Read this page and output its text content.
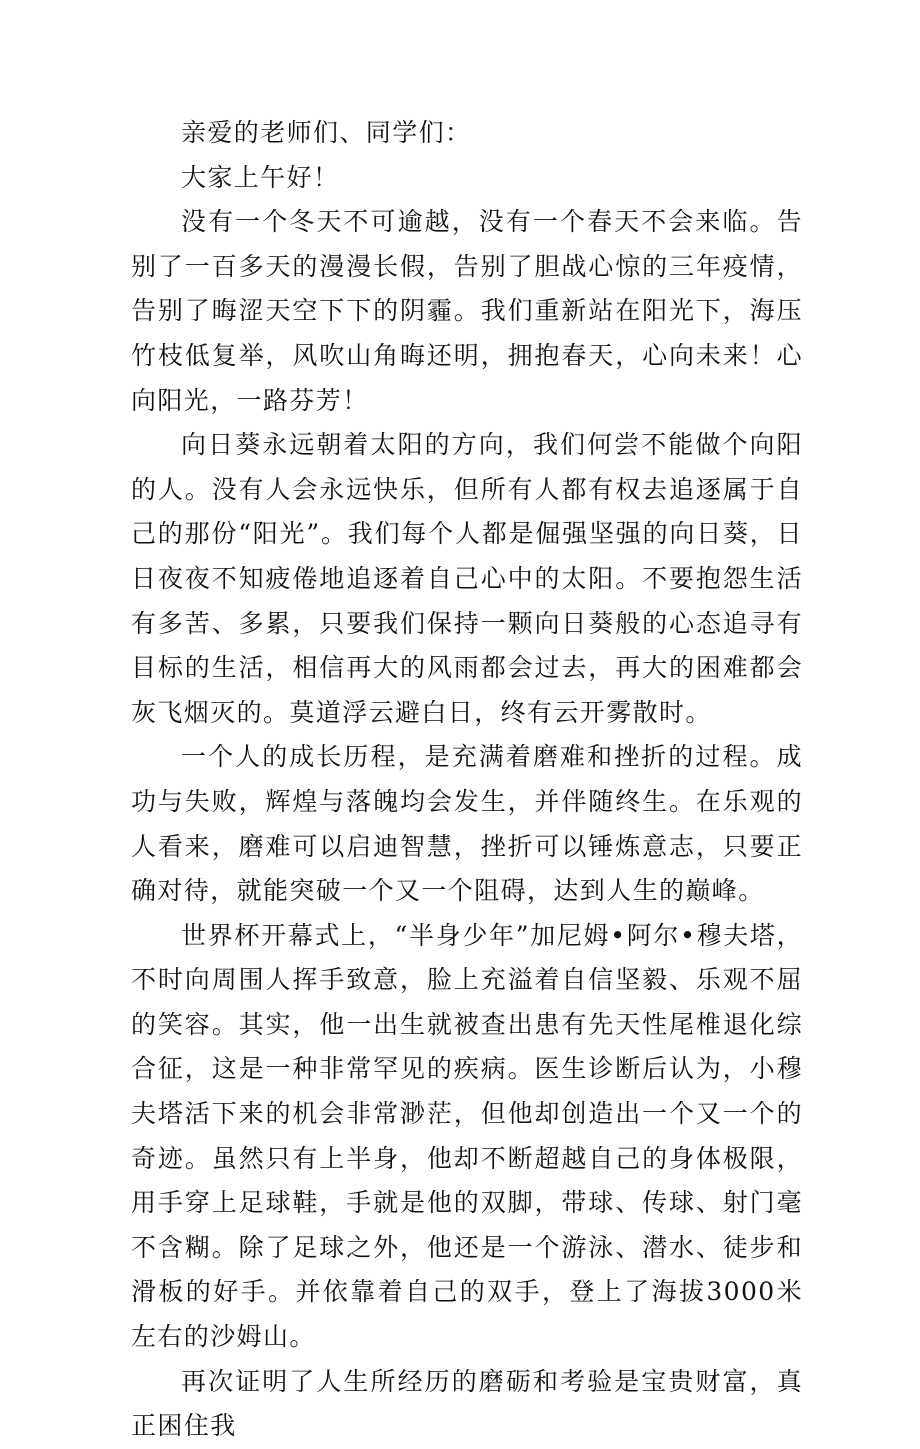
亲爱的老师们、同学们：

大家上午好！

没有一个冬天不可逾越，没有一个春天不会来临。告别了一百多天的漫漫长假，告别了胆战心惊的三年疫情，告别了晦涩天空下下的阴霾。我们重新站在阳光下，海压竹枝低复举，风吹山角晦还明，拥抱春天，心向未来！心向阳光，一路芬芳！

向日葵永远朝着太阳的方向，我们何尝不能做个向阳的人。没有人会永远快乐，但所有人都有权去追逐属于自己的那份“阳光”。我们每个人都是倔强坚强的向日葵，日日夜夜不知疲倦地追逐着自己心中的太阳。不要抱怨生活有多苦、多累，只要我们保持一颗向日葵般的心态追寻有目标的生活，相信再大的风雨都会过去，再大的困难都会灰飞烟灭的。莫道浮云避白日，终有云开雾散时。

一个人的成长历程，是充满着磨难和挫折的过程。成功与失败，辉煌与落魄均会发生，并伴随终生。在乐观的人看来，磨难可以启迪智慧，挫折可以锤炼意志，只要正确对待，就能突破一个又一个阻碍，达到人生的巅峰。

世界杯开幕式上，“半身少年”加尼姆•阿尔•穆夫塔，不时向周围人挥手致意，脸上充溢着自信坚毅、乐观不屈的笑容。其实，他一出生就被查出患有先天性尾椎退化综合征，这是一种非常罕见的疾病。医生诊断后认为，小穆夫塔活下来的机会非常渺茫，但他却创造出一个又一个的奇迹。虽然只有上半身，他却不断超越自己的身体极限，用手穿上足球鞋，手就是他的双脚，带球、传球、射门毫不含糊。除了足球之外，他还是一个游泳、潜水、徒步和滑板的好手。并依靠着自己的双手，登上了海拔3000米左右的沙姆山。

再次证明了人生所经历的磨砺和考验是宝贵财富，真正困住我
